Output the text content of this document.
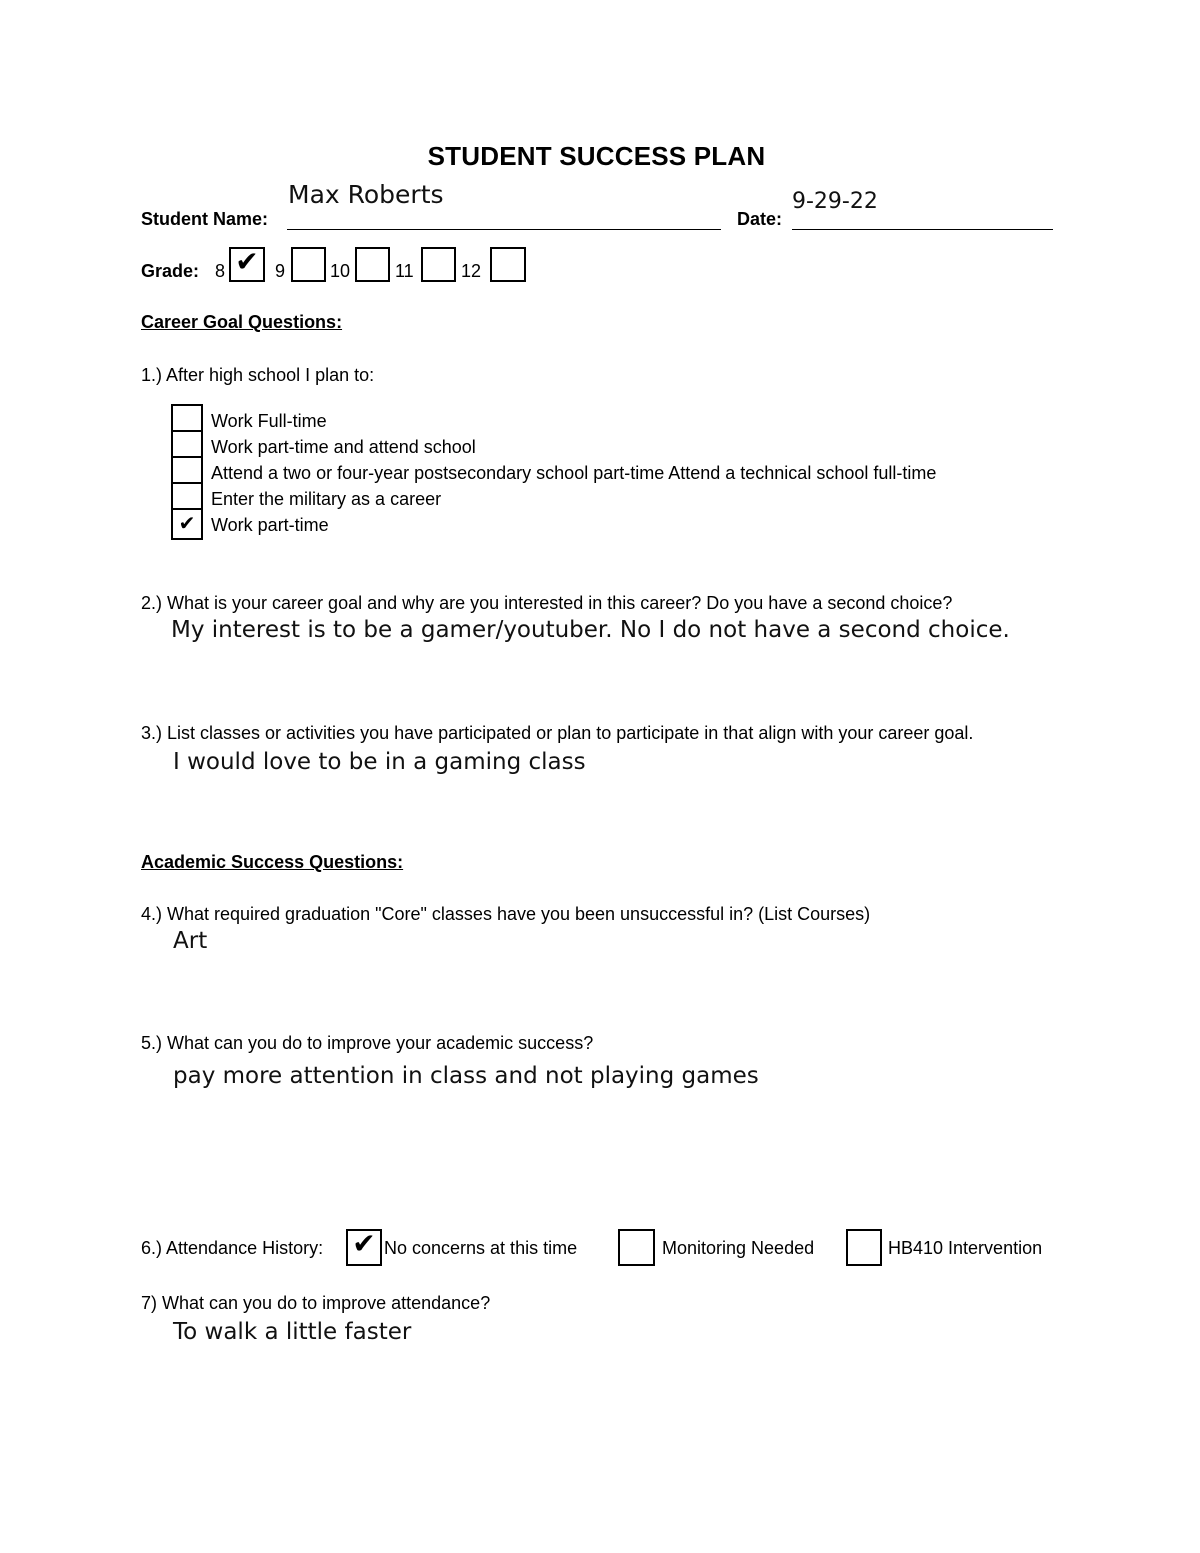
STUDENT SUCCESS PLAN
Student Name:
Max Roberts
Date:
9-29-22
Grade: 8 ✔ 9 10 11	12
Career Goal Questions:
1.) After high school I plan to:
Work Full-time
Work part-time and attend school
Attend a two or four-year postsecondary school part-time Attend a technical school full-time
Enter the military as a career
✔ Work part-time
2.) What is your career goal and why are you interested in this career? Do you have a second choice?
My interest is to be a gamer/youtuber. No I do not have a second choice.
3.) List classes or activities you have participated or plan to participate in that align with your career goal.
I would love to be in a gaming class
Academic Success Questions:
4.) What required graduation "Core" classes have you been unsuccessful in? (List Courses)
Art
5.) What can you do to improve your academic success?
pay more attention in class and not playing games
6.) Attendance History: ✔ No concerns at this time	Monitoring Needed	HB410 Intervention
7) What can you do to improve attendance?
To walk a little faster
